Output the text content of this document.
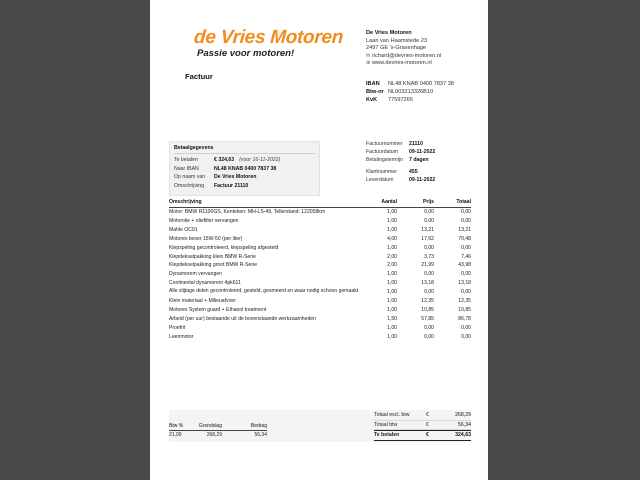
de Vries Motoren
Passie voor motoren!
De Vries Motoren
Laan van Haamstede 23
2497 GE 's-Gravenhage
✉ richard@devries-motoren.nl
⊕ www.devries-motoren.nl
IBAN	NL48 KNAB 0400 7837 38
Btw-nr NL003213326B10
KvK	77597265
Factuur
Betaalgegevens
Te betalen	€ 324,63 (voor 16-11-2022)
Naar IBAN	NL48 KNAB 0400 7837 38
Op naam van	De Vries Motoren
Omschrijving	Factuur 21110
Factuurnummer	21110
Factuurdatum	09-11-2022
Betalingstermijn	7 dagen
Klantnummer	455
Leverdatum	09-11-2022
Omschrijving	Aantal	Prijs	Totaal
Motor: BMW R1100GS, Kenteken: MH-LS-49, Tellerstand: 122058km	1,00	0,00	0,00
Motorolie + oliefilter vervangen	1,00	0,00	0,00
Mahle OC91	1,00	13,21	13,21
Motorex boxer 15W-50 (per liter)	4,00	17,62	70,48
Klepspeling gecontroleerd, klepspeling afgesteld	1,00	0,00	0,00
Klepdekselpakking klein BMW R-Serie	2,00	3,73	7,46
Klepdekselpakking groot BMW R-Serie	2,00	21,99	43,98
Dynamorem vervangen	1,00	0,00	0,00
Continental dynamorem 4pk611	1,00	13,18	13,18
Alle slijtage delen gecontroleerd, gesteld, gesmeerd en waar nodig schoon gemaakt	1,00	0,00	0,00
Klein materiaal + Milieuafvoer	1,00	12,35	12,35
Motorex System guard + Ethanol treatment	1,00	10,85	10,85
Arbeid (per uur) bestaande uit de bovenstaande werkzaamheden	1,50	57,85	86,78
Proefrit	1,00	0,00	0,00
Leenmotor	1,00	0,00	0,00
Btw %	Grondslag	Bedrag
21,00	268,29	56,34
Totaal excl. btw	€	268,29
Totaal btw	€	56,34
Te betalen	€	324,63
